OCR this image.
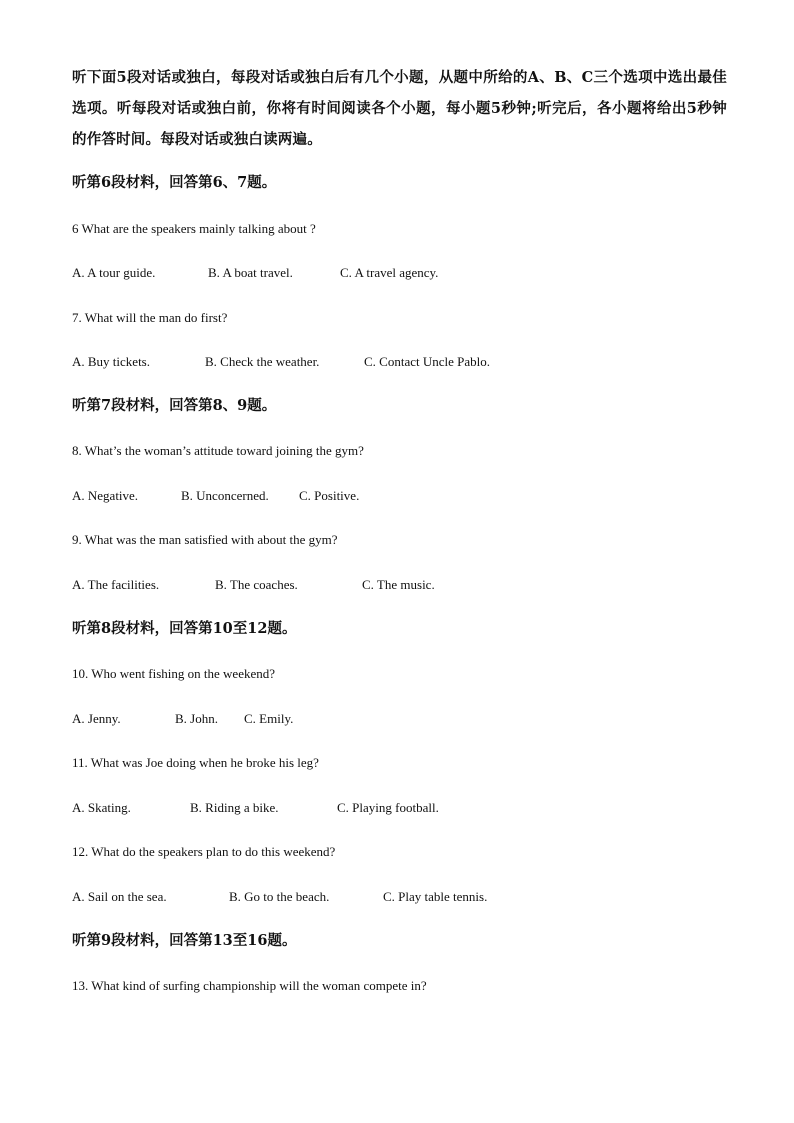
听下面5段对话或独白，每段对话或独白后有几个小题，从题中所给的A、B、C三个选项中选出最佳选项。听每段对话或独白前，你将有时间阅读各个小题，每小题5秒钟;听完后，各小题将给出5秒钟的作答时间。每段对话或独白读两遍。

听第6段材料，回答第6、7题。

6 What are the speakers mainly talking about ?

A. A tour guide.	B. A boat travel.	C. A travel agency.

7. What will the man do first?

A. Buy tickets.	B. Check the weather.	C. Contact Uncle Pablo.

听第7段材料，回答第8、9题。

8. What’s the woman’s attitude toward joining the gym?

A. Negative.	B. Unconcerned. C. Positive.

9. What was the man satisfied with about the gym?

A. The facilities.	B. The coaches.	C. The music.

听第8段材料，回答第10至12题。

10. Who went fishing on the weekend?

A. Jenny.	B. John. C. Emily.

11. What was Joe doing when he broke his leg?

A. Skating.	B. Riding a bike.	C. Playing football.

12. What do the speakers plan to do this weekend?

A. Sail on the sea.	B. Go to the beach.	C. Play table tennis.

听第9段材料，回答第13至16题。

13. What kind of surfing championship will the woman compete in?
